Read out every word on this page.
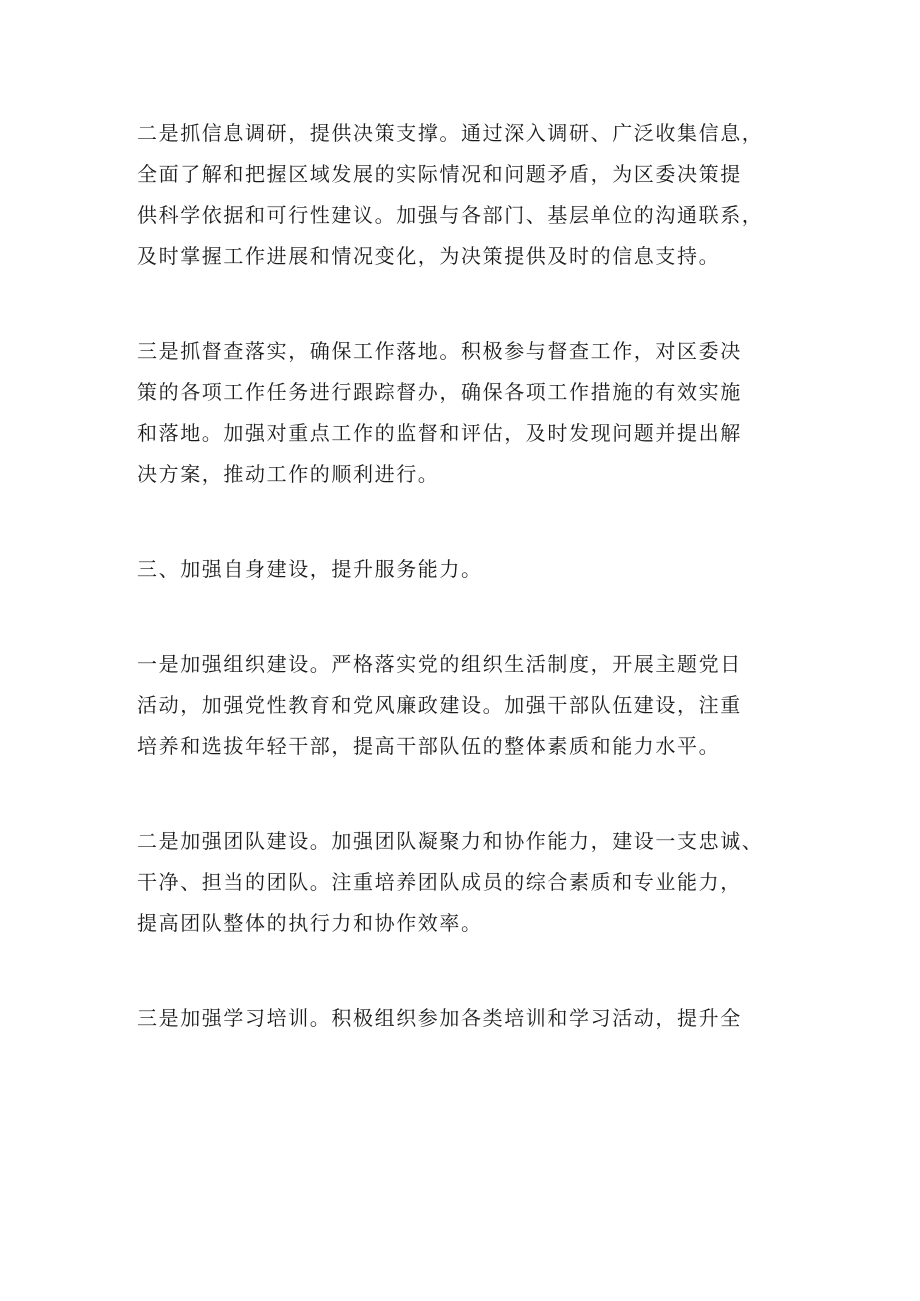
二是抓信息调研，提供决策支撑。通过深入调研、广泛收集信息，
全面了解和把握区域发展的实际情况和问题矛盾，为区委决策提
供科学依据和可行性建议。加强与各部门、基层单位的沟通联系，
及时掌握工作进展和情况变化，为决策提供及时的信息支持。
三是抓督查落实，确保工作落地。积极参与督查工作，对区委决
策的各项工作任务进行跟踪督办，确保各项工作措施的有效实施
和落地。加强对重点工作的监督和评估，及时发现问题并提出解
决方案，推动工作的顺利进行。
三、加强自身建设，提升服务能力。
一是加强组织建设。严格落实党的组织生活制度，开展主题党日
活动，加强党性教育和党风廉政建设。加强干部队伍建设，注重
培养和选拔年轻干部，提高干部队伍的整体素质和能力水平。
二是加强团队建设。加强团队凝聚力和协作能力，建设一支忠诚、
干净、担当的团队。注重培养团队成员的综合素质和专业能力，
提高团队整体的执行力和协作效率。
三是加强学习培训。积极组织参加各类培训和学习活动，提升全
